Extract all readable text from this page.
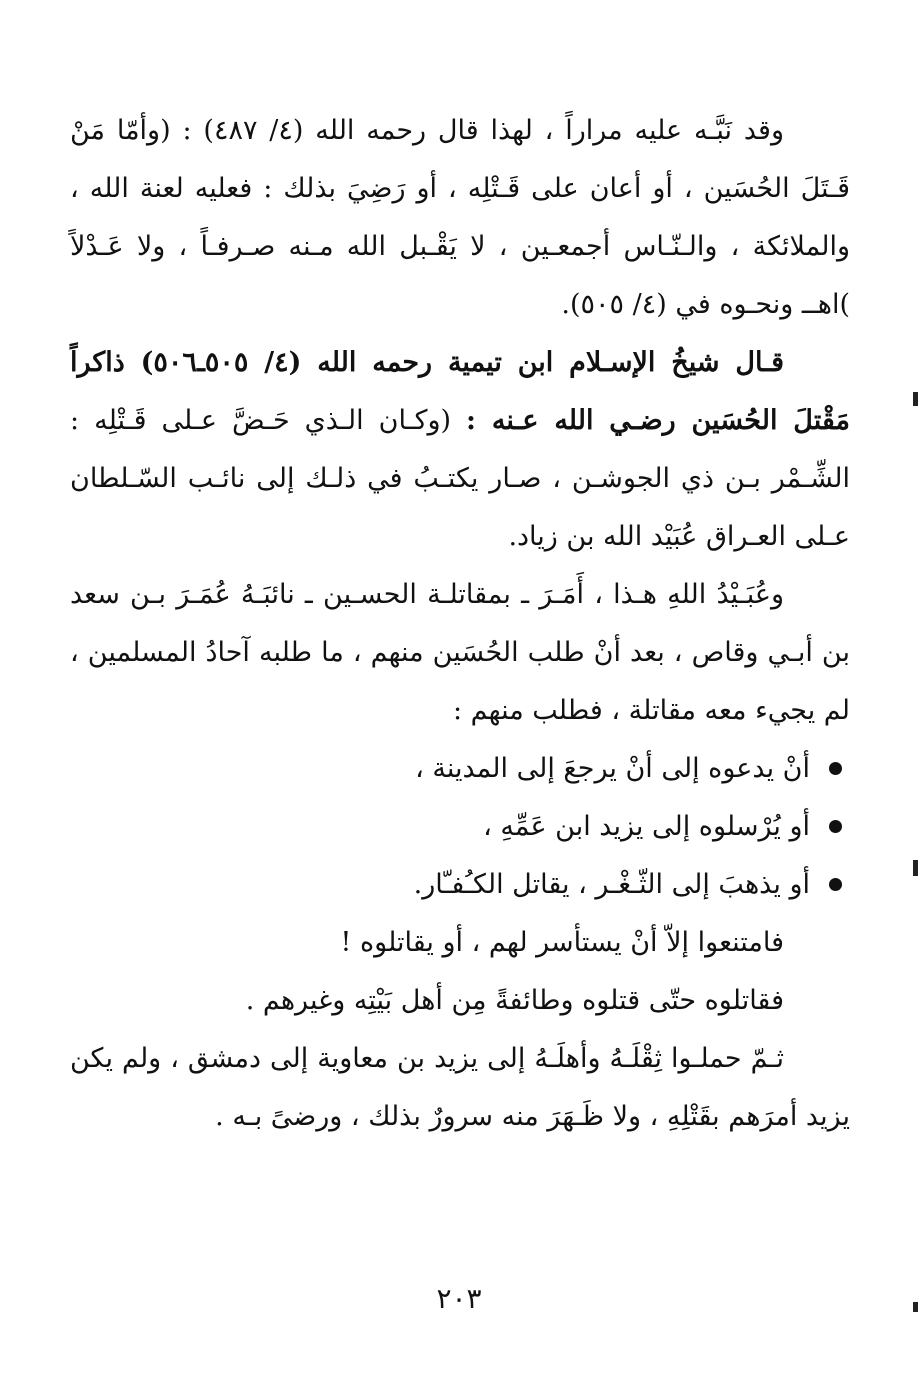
وقد نَبَّـه عليه مراراً ، لهذا قال رحمه الله (٤/ ٤٨٧) : (وأمّا مَنْ قَـتَلَ الحُسَين ، أو أعان على قَـتْلِه ، أو رَضِيَ بذلك : فعليه لعنة الله ، والملائكة ، والـنّـاس أجمعـين ، لا يَقْـبل الله مـنه صـرفـاً ، ولا عَـدْلاً )اهــ ونحـوه في (٤/ ٥٠٥).

قـال شيخُ الإسـلام ابن تيمية رحمه الله (٤/ ٥٠٥ـ٥٠٦) ذاكراً مَقْتلَ الحُسَين رضـي الله عـنه : (وكـان الـذي حَـضَّ عـلى قَـتْلِه : الشِّـمْر بـن ذي الجوشـن ، صـار يكتـبُ في ذلـك إلى نائـب السّـلطان عـلى العـراق عُبَيْد الله بن زياد.

وعُبَـيْدُ اللهِ هـذا ، أَمَـرَ ـ بمقاتلـة الحسـين ـ نائبَـهُ عُمَـرَ بـن سعد بن أبـي وقاص ، بعد أنْ طلب الحُسَين منهم ، ما طلبه آحادُ المسلمين ، لم يجيء معه مقاتلة ، فطلب منهم :

أنْ يدعوه إلى أنْ يرجعَ إلى المدينة ،
أو يُرْسلوه إلى يزيد ابن عَمِّهِ ،
أو يذهبَ إلى الثّـغْـر ، يقاتل الكـُفـّار.

فامتنعوا إلاّ أنْ يستأسر لهم ، أو يقاتلوه !

فقاتلوه حتّى قتلوه وطائفةً مِن أهل بَيْتِه وغيرهم .

ثـمّ حملـوا ثِقْلَـهُ وأهلَـهُ إلى يزيد بن معاوية إلى دمشق ، ولم يكن يزيد أمرَهم بقَتْلِهِ ، ولا ظَـهَرَ منه سرورٌ بذلك ، ورضىً بـه .

٢٠٣
